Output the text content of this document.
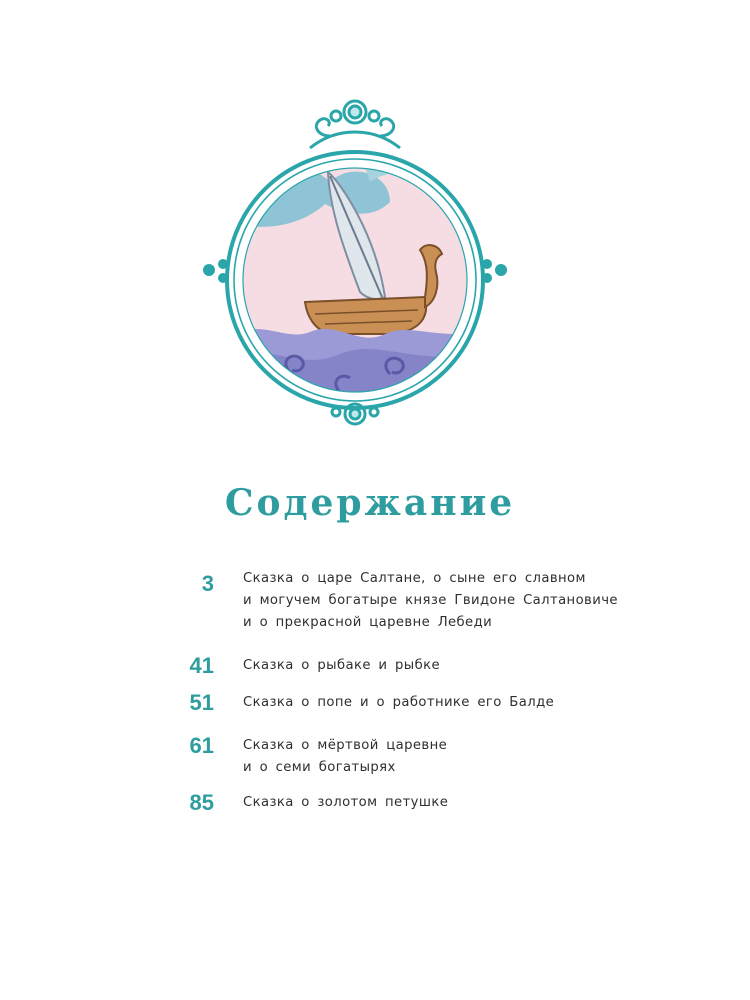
Содержание
3 Сказка о царе Салтане, о сыне его славном
и могучем богатыре князе Гвидоне Салтановиче
и о прекрасной царевне Лебеди
41 Сказка о рыбаке и рыбке
51 Сказка о попе и о работнике его Балде
61 Сказка о мёртвой царевне
и о семи богатырях
85 Сказка о золотом петушке
